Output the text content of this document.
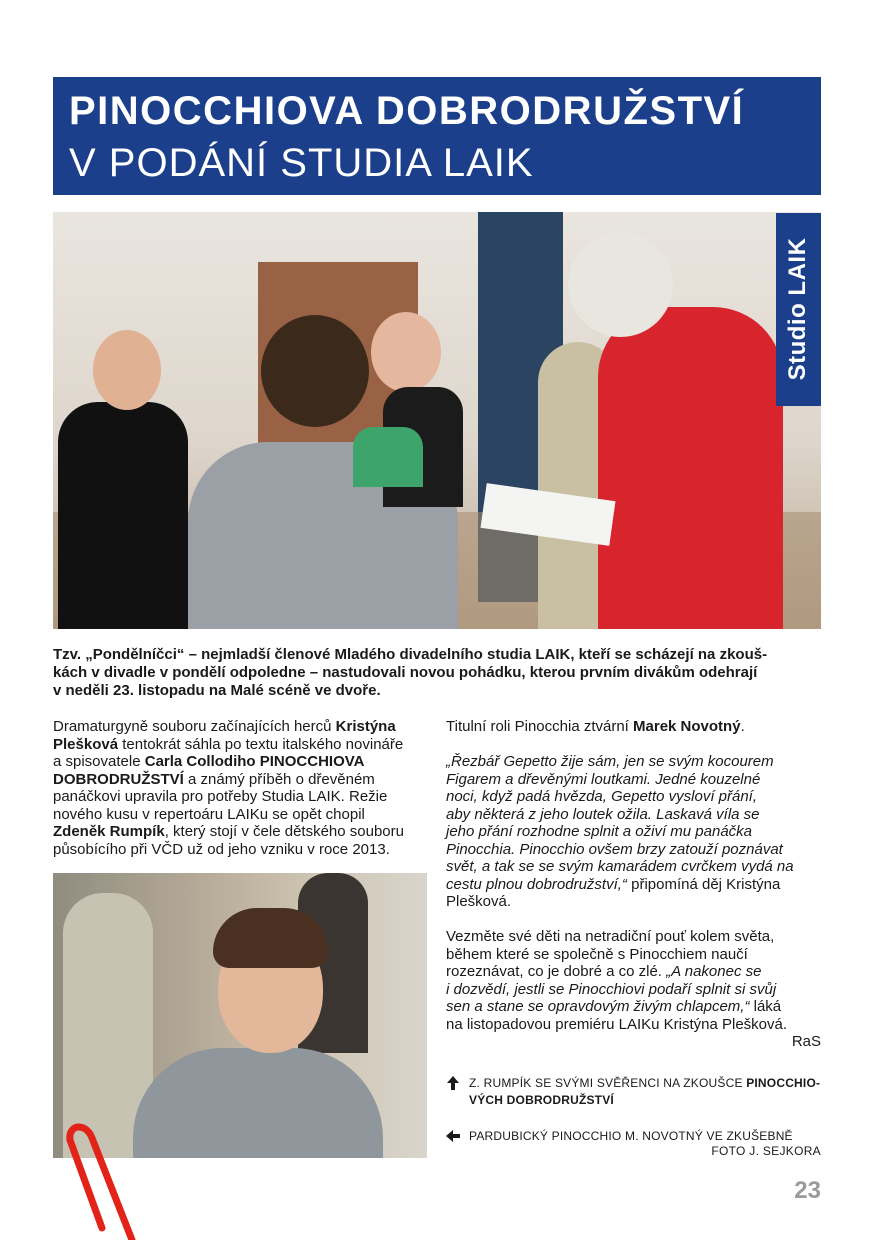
PINOCCHIOVA DOBRODRUŽSTVÍ
V PODÁNÍ STUDIA LAIK
Studio LAIK
Tzv. „Pondělníčci“ – nejmladší členové Mladého divadelního studia LAIK, kteří se scházejí na zkouš-
kách v divadle v pondělí odpoledne – nastudovali novou pohádku, kterou prvním divákům odehrají
v neděli 23. listopadu na Malé scéně ve dvoře.
Dramaturgyně souboru začínajících herců Kristýna
Plešková tentokrát sáhla po textu italského novináře
a spisovatele Carla Collodiho PINOCCHIOVA
DOBRODRUŽSTVÍ a známý příběh o dřevěném
panáčkovi upravila pro potřeby Studia LAIK. Režie
nového kusu v repertoáru LAIKu se opět chopil
Zdeněk Rumpík, který stojí v čele dětského souboru
působícího při VČD už od jeho vzniku v roce 2013.
Titulní roli Pinocchia ztvární Marek Novotný.
„Řezbář Gepetto žije sám, jen se svým kocourem
Figarem a dřevěnými loutkami. Jedné kouzelné
noci, když padá hvězda, Gepetto vysloví přání,
aby některá z jeho loutek ožila. Laskavá víla se
jeho přání rozhodne splnit a oživí mu panáčka
Pinocchia. Pinocchio ovšem brzy zatouží poznávat
svět, a tak se se svým kamarádem cvrčkem vydá na
cestu plnou dobrodružství,“ připomíná děj Kristýna
Plešková.
Vezměte své děti na netradiční pouť kolem světa,
během které se společně s Pinocchiem naučí
rozeznávat, co je dobré a co zlé. „A nakonec se
i dozvědí, jestli se Pinocchiovi podaří splnit si svůj
sen a stane se opravdovým živým chlapcem,“ láká
na listopadovou premiéru LAIKu Kristýna Plešková.
RaS
Z. RUMPÍK SE SVÝMI SVĚŘENCI NA ZKOUŠCE PINOCCHIO-
VÝCH DOBRODRUŽSTVÍ
PARDUBICKÝ PINOCCHIO M. NOVOTNÝ VE ZKUŠEBNĚ
FOTO J. SEJKORA
23
